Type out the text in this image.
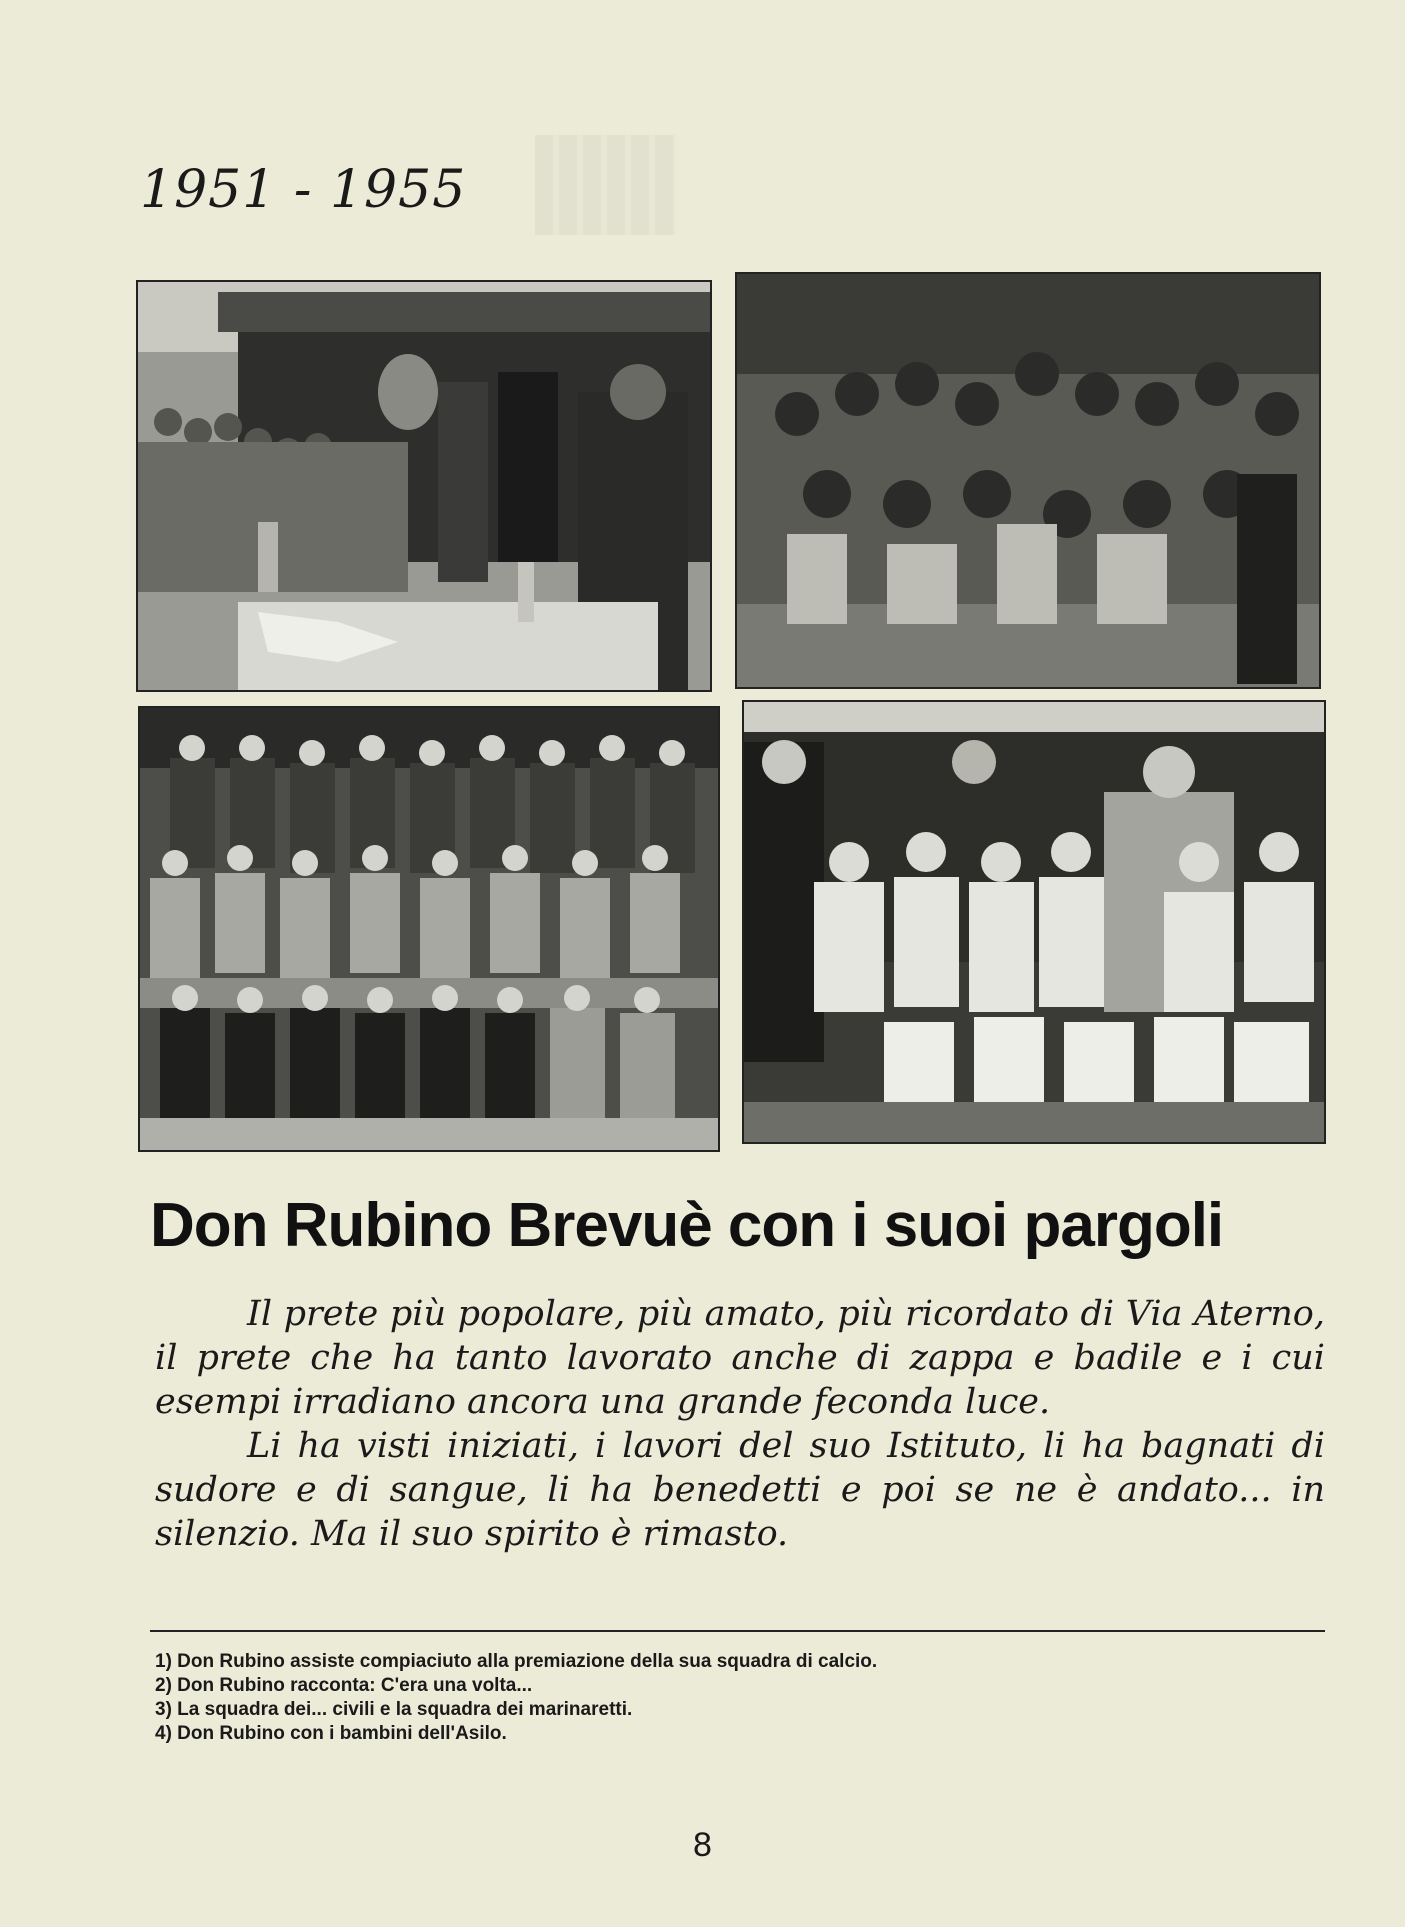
1951 - 1955
Don Rubino Brevuè con i suoi pargoli

Il prete più popolare, più amato, più ricordato di Via Aterno, il prete che ha tanto lavorato anche di zappa e badile e i cui esempi irradiano ancora una grande feconda luce.

Li ha visti iniziati, i lavori del suo Istituto, li ha bagnati di sudore e di sangue, li ha benedetti e poi se ne è andato... in silenzio. Ma il suo spirito è rimasto.

1) Don Rubino assiste compiaciuto alla premiazione della sua squadra di calcio.
2) Don Rubino racconta: C'era una volta...
3) La squadra dei... civili e la squadra dei marinaretti.
4) Don Rubino con i bambini dell'Asilo.
8
